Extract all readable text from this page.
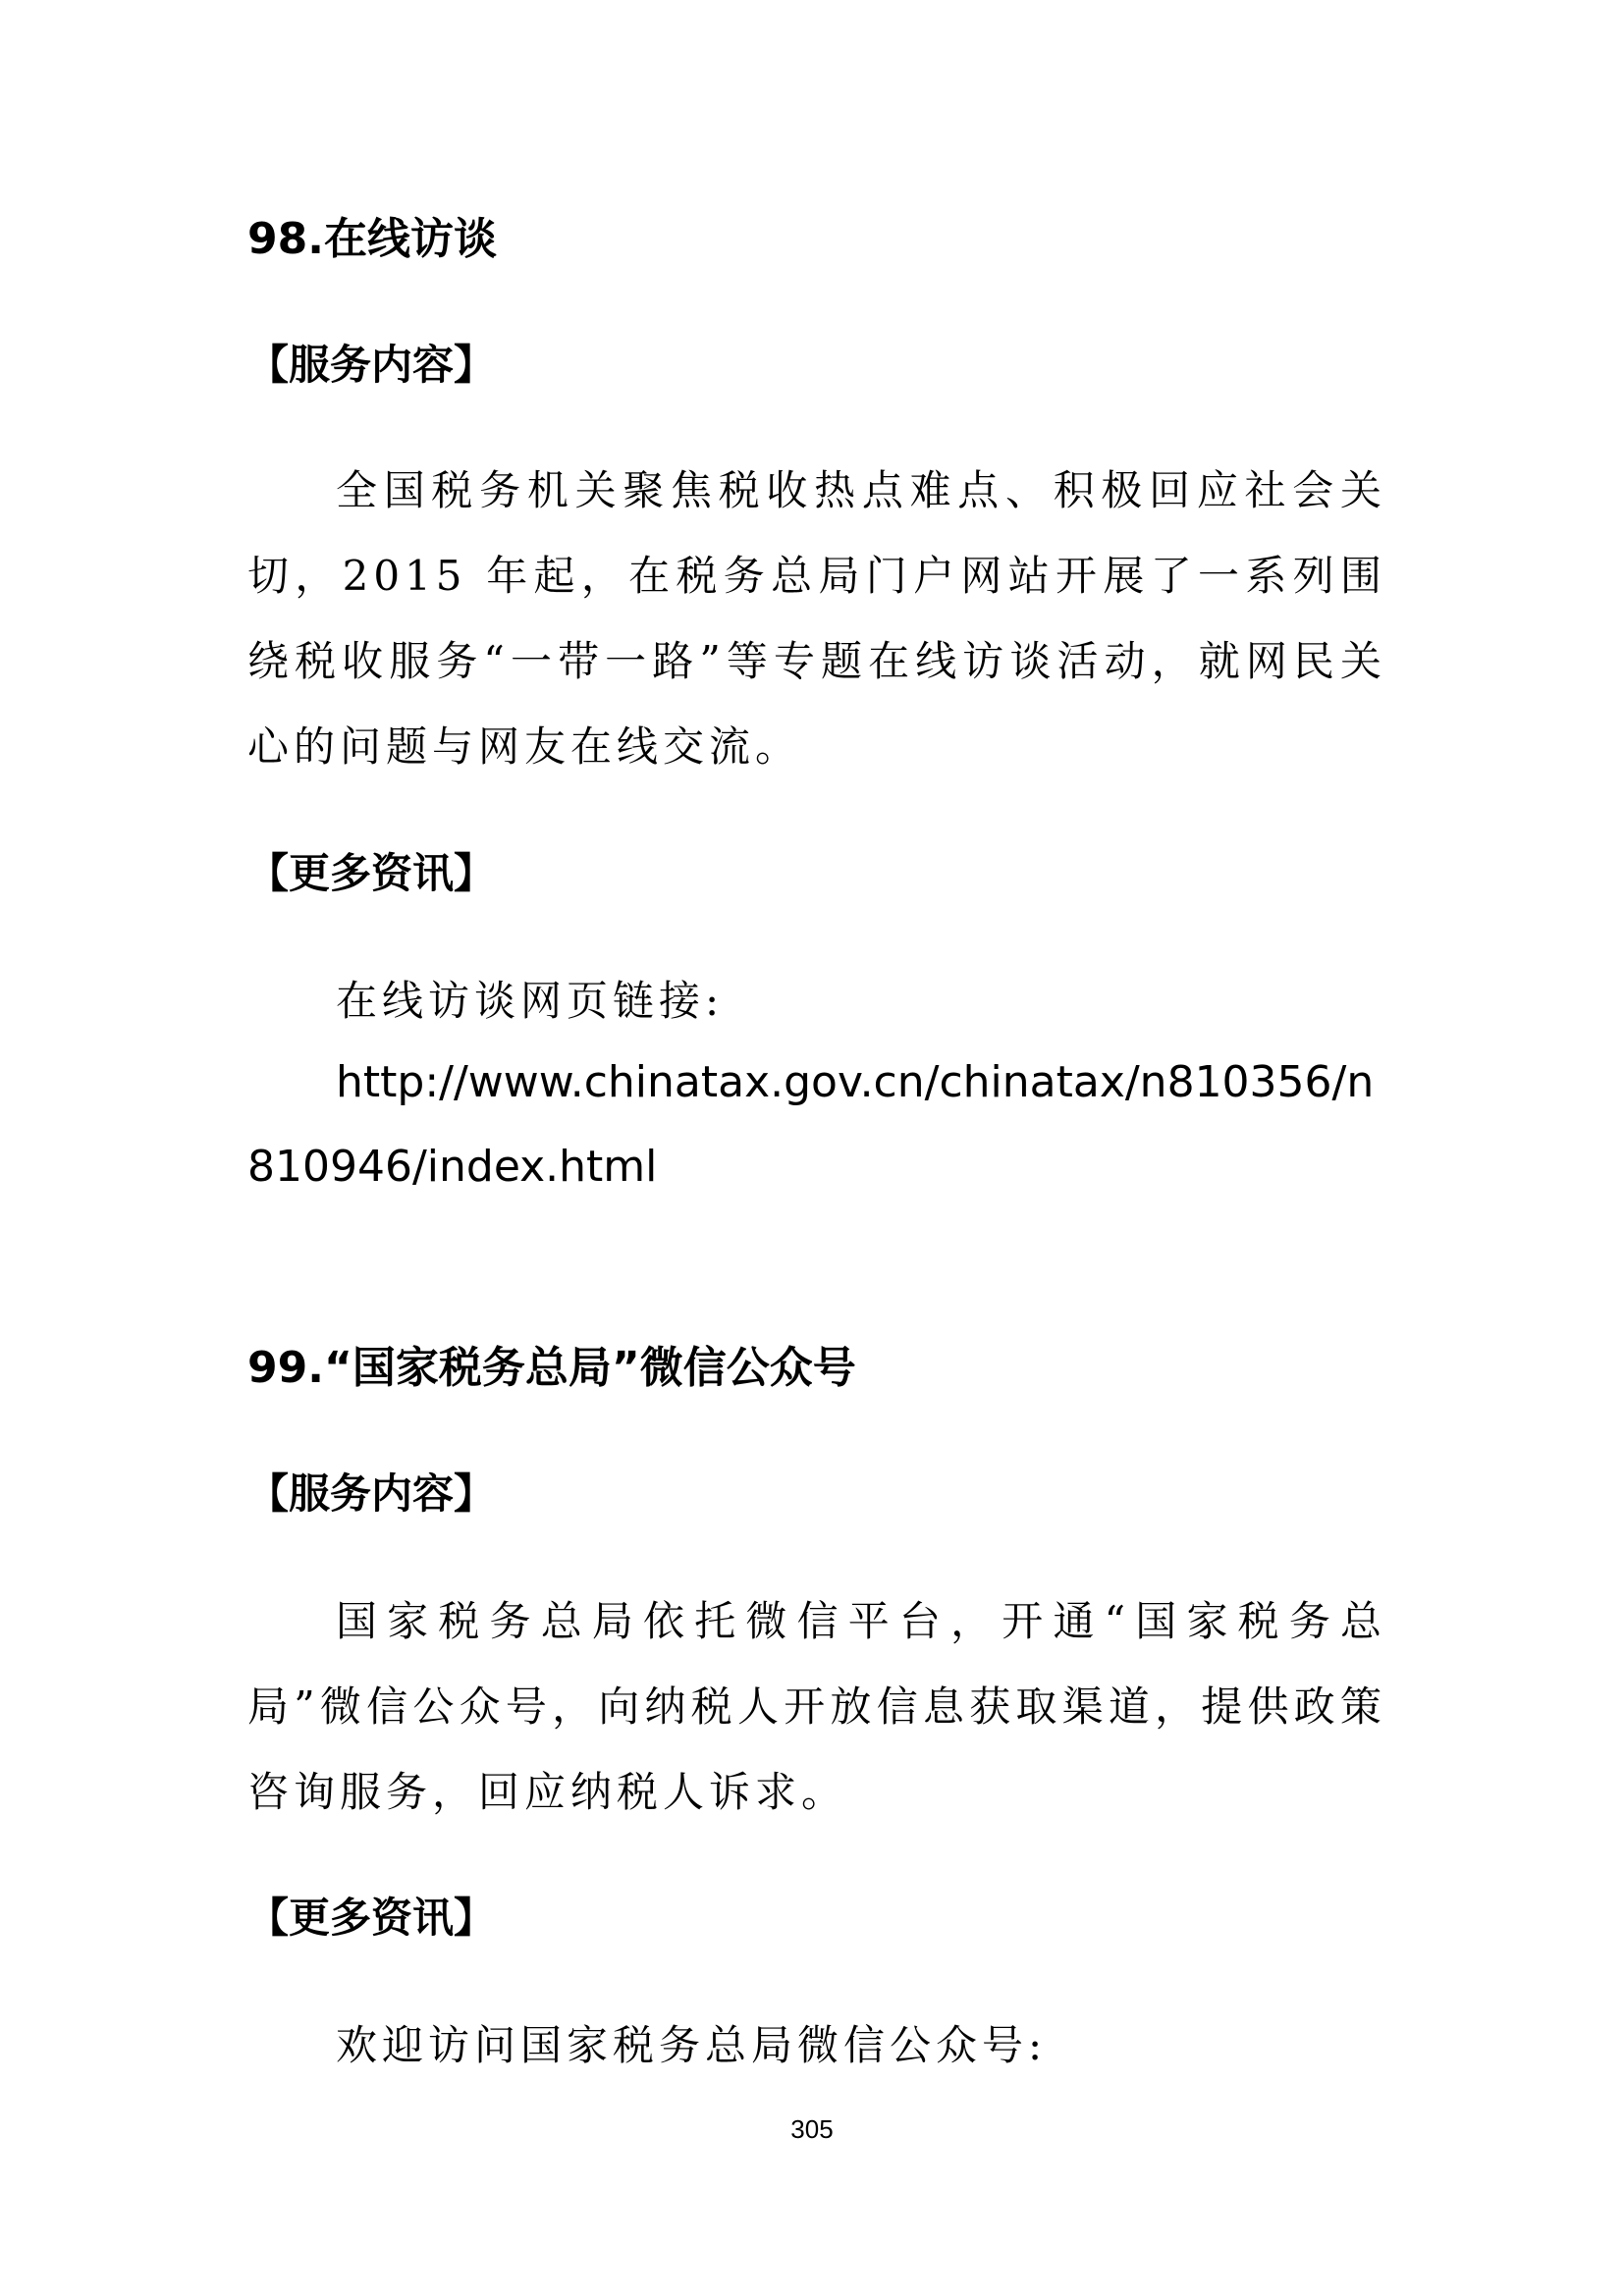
98.在线访谈
【服务内容】
全国税务机关聚焦税收热点难点、积极回应社会关切，2015 年起，在税务总局门户网站开展了一系列围绕税收服务“一带一路”等专题在线访谈活动，就网民关心的问题与网友在线交流。
【更多资讯】
在线访谈网页链接:
http://www.chinatax.gov.cn/chinatax/n810356/n810946/index.html
99.“国家税务总局”微信公众号
【服务内容】
国家税务总局依托微信平台，开通“国家税务总局”微信公众号，向纳税人开放信息获取渠道，提供政策咨询服务，回应纳税人诉求。
【更多资讯】
欢迎访问国家税务总局微信公众号:
305
